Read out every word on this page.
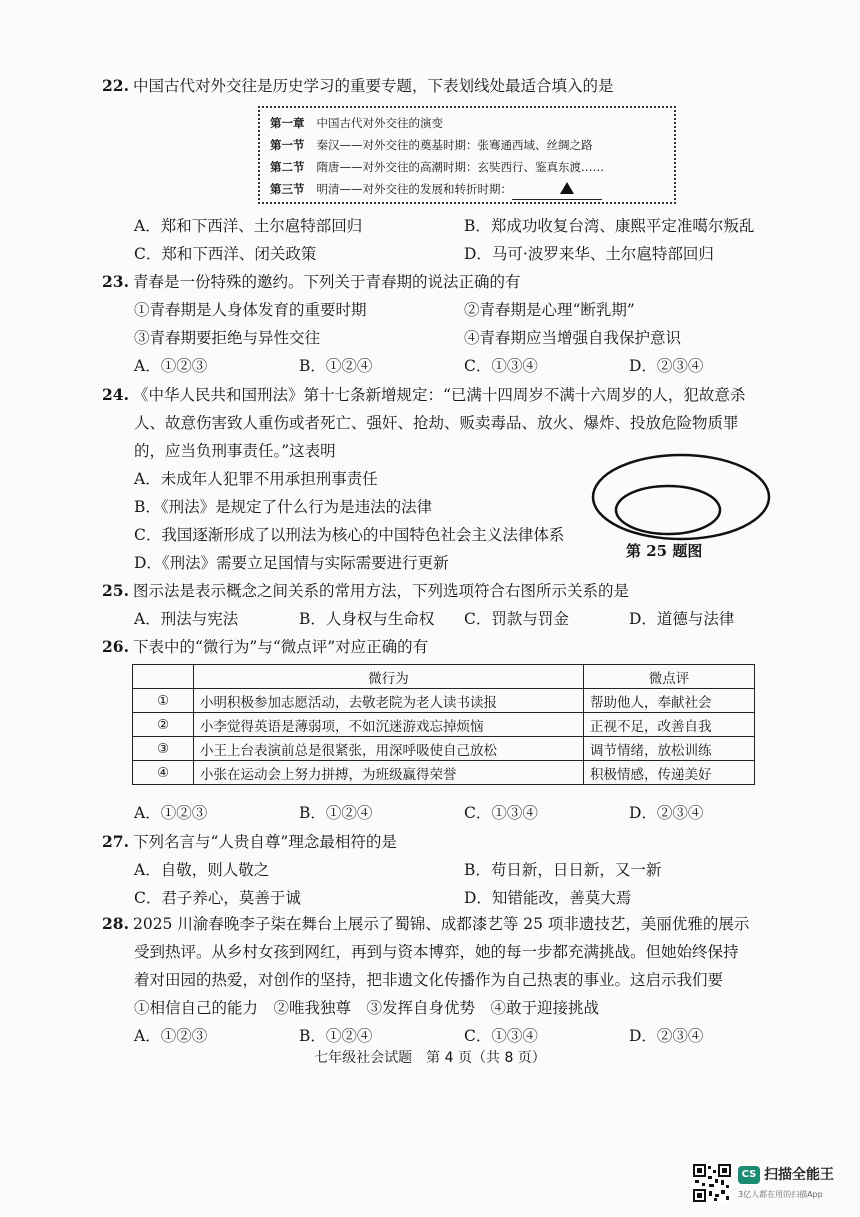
22. 中国古代对外交往是历史学习的重要专题，下表划线处最适合填入的是
第一章 中国古代对外交往的演变
第一节 秦汉——对外交往的奠基时期：张骞通西域、丝绸之路
第二节 隋唐——对外交往的高潮时期：玄奘西行、鉴真东渡……
第三节 明清——对外交往的发展和转折时期：
A．郑和下西洋、土尔扈特部回归	B．郑成功收复台湾、康熙平定准噶尔叛乱
C．郑和下西洋、闭关政策	D．马可·波罗来华、土尔扈特部回归
23. 青春是一份特殊的邀约。下列关于青春期的说法正确的有
①青春期是人身体发育的重要时期	②青春期是心理“断乳期”
③青春期要拒绝与异性交往	④青春期应当增强自我保护意识
A．①②③	B．①②④	C．①③④	D．②③④
24. 《中华人民共和国刑法》第十七条新增规定：“已满十四周岁不满十六周岁的人，犯故意杀
人、故意伤害致人重伤或者死亡、强奸、抢劫、贩卖毒品、放火、爆炸、投放危险物质罪
的，应当负刑事责任。”这表明
A．未成年人犯罪不用承担刑事责任
B．《刑法》是规定了什么行为是违法的法律
C．我国逐渐形成了以刑法为核心的中国特色社会主义法律体系
D．《刑法》需要立足国情与实际需要进行更新
第 25 题图
25. 图示法是表示概念之间关系的常用方法，下列选项符合右图所示关系的是
A．刑法与宪法	B．人身权与生命权	C．罚款与罚金	D．道德与法律
26. 下表中的“微行为”与“微点评”对应正确的有
	微行为	微点评
①	小明积极参加志愿活动，去敬老院为老人读书读报	帮助他人，奉献社会
②	小李觉得英语是薄弱项，不如沉迷游戏忘掉烦恼	正视不足，改善自我
③	小王上台表演前总是很紧张，用深呼吸使自己放松	调节情绪，放松训练
④	小张在运动会上努力拼搏，为班级赢得荣誉	积极情感，传递美好
A．①②③	B．①②④	C．①③④	D．②③④
27. 下列名言与“人贵自尊”理念最相符的是
A．自敬，则人敬之	B．苟日新，日日新，又一新
C．君子养心，莫善于诚	D．知错能改，善莫大焉
28. 2025 川渝春晚李子柒在舞台上展示了蜀锦、成都漆艺等 25 项非遗技艺，美丽优雅的展示
受到热评。从乡村女孩到网红，再到与资本博弈，她的每一步都充满挑战。但她始终保持
着对田园的热爱，对创作的坚持，把非遗文化传播作为自己热衷的事业。这启示我们要
①相信自己的能力　②唯我独尊　③发挥自身优势　④敢于迎接挑战
A．①②③	B．①②④	C．①③④	D．②③④
七年级社会试题　第 4 页（共 8 页）
CS 扫描全能王
3亿人都在用的扫描App
